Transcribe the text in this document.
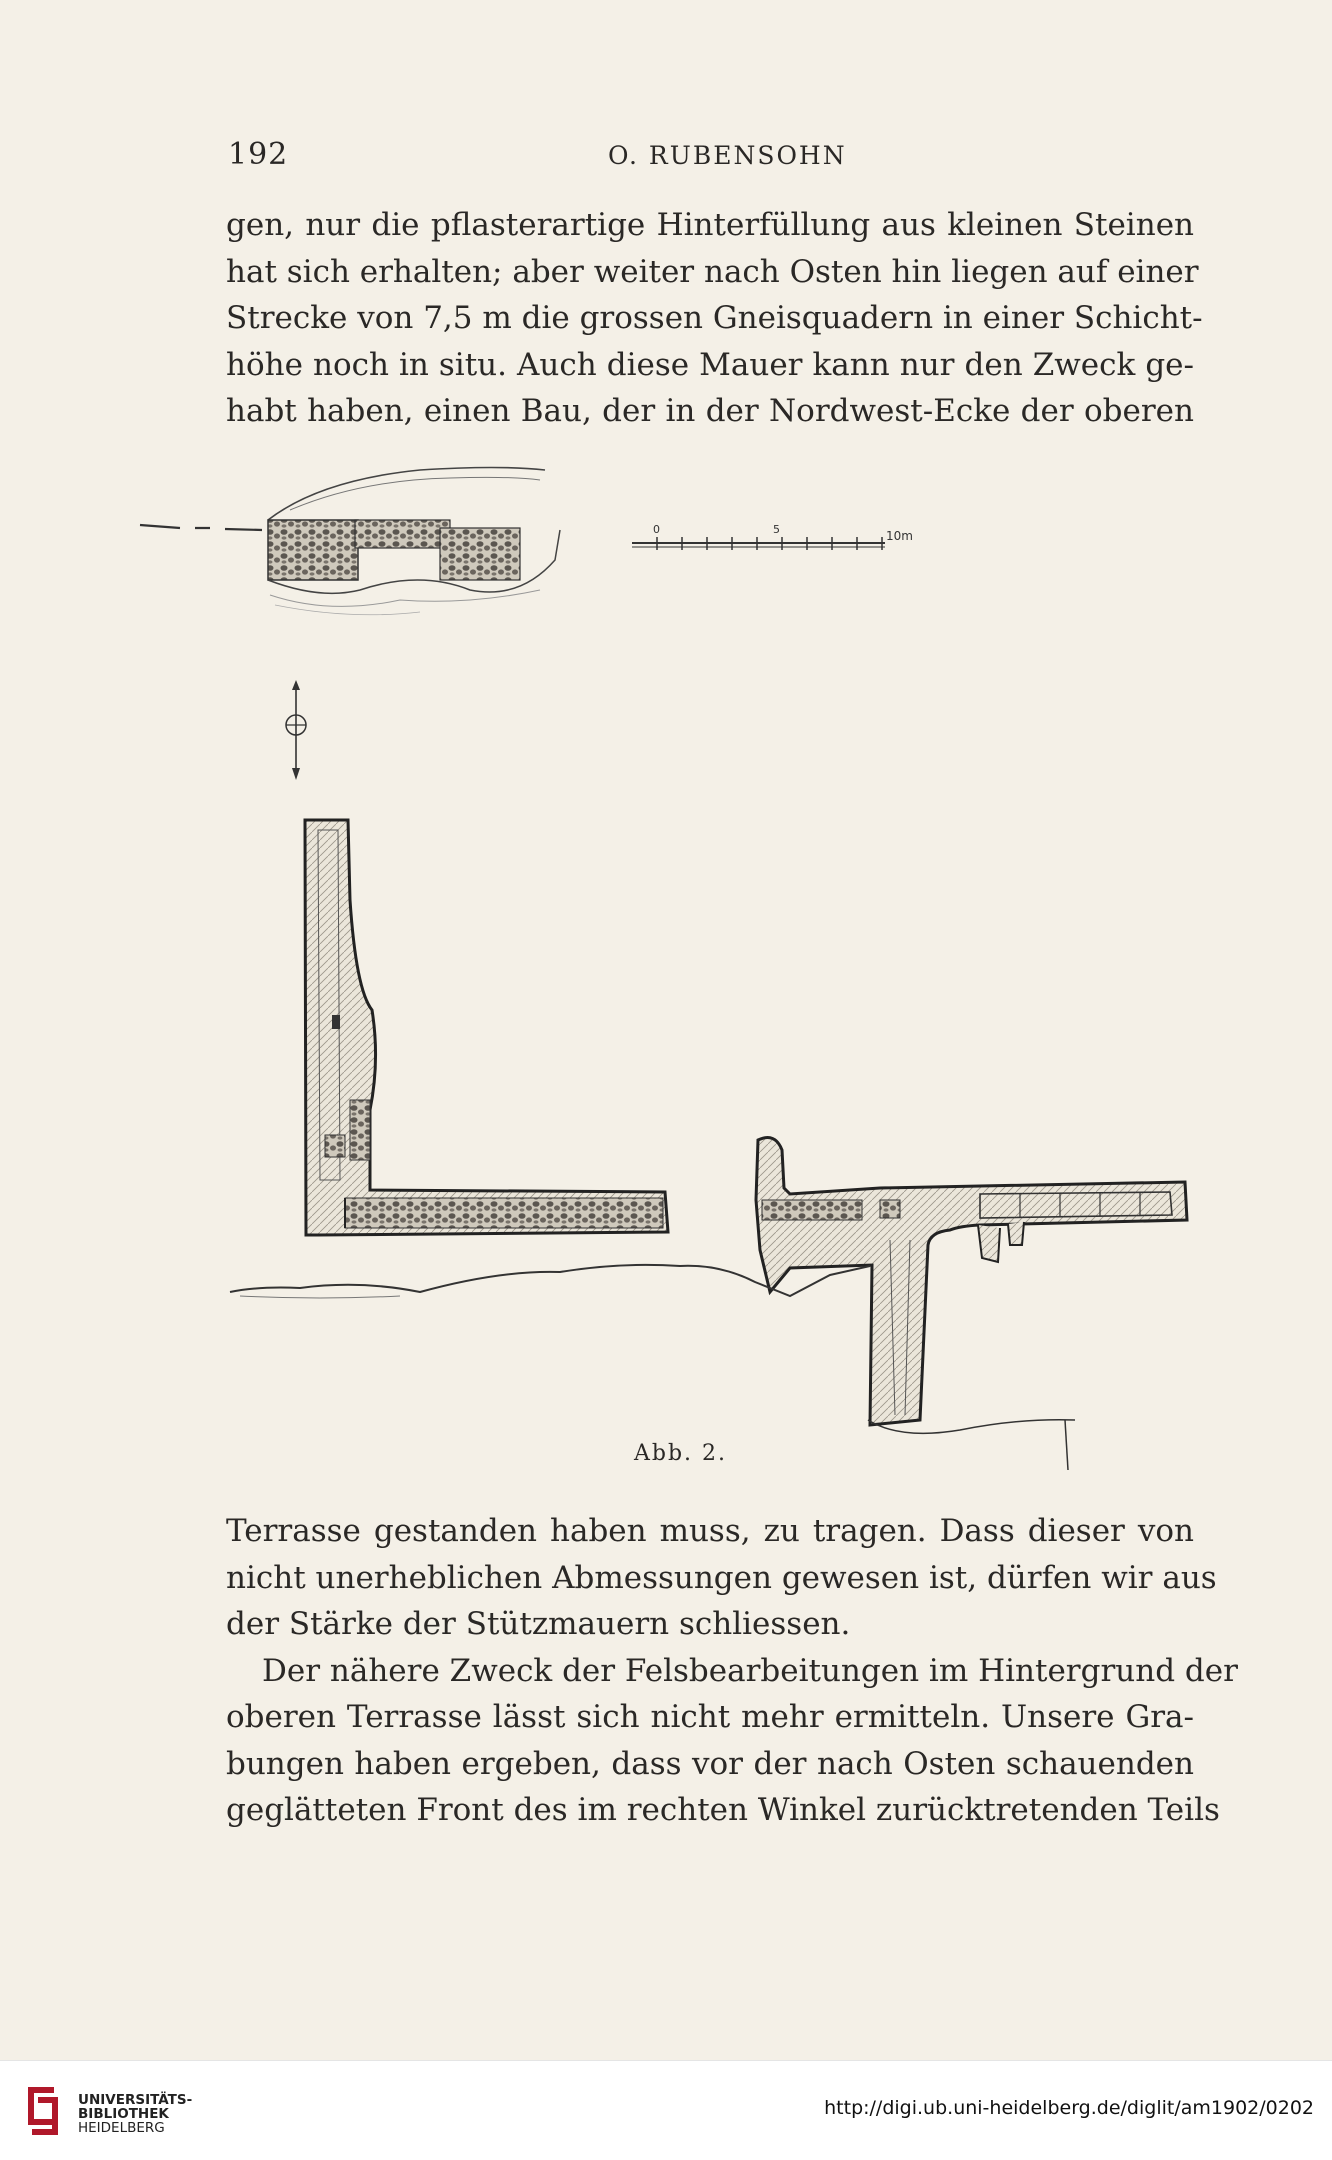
192	O. RUBENSOHN
gen, nur die pflasterartige Hinterfüllung aus kleinen Steinen
hat sich erhalten; aber weiter nach Osten hin liegen auf einer
Strecke von 7,5 m die grossen Gneisquadern in einer Schicht-
höhe noch in situ. Auch diese Mauer kann nur den Zweck ge-
habt haben, einen Bau, der in der Nordwest-Ecke der oberen
0	5	10m
Abb. 2.
Terrasse gestanden haben muss, zu tragen. Dass dieser von
nicht unerheblichen Abmessungen gewesen ist, dürfen wir aus
der Stärke der Stützmauern schliessen.
Der nähere Zweck der Felsbearbeitungen im Hintergrund der
oberen Terrasse lässt sich nicht mehr ermitteln. Unsere Gra-
bungen haben ergeben, dass vor der nach Osten schauenden
geglätteten Front des im rechten Winkel zurücktretenden Teils
UNIVERSITÄTS-
BIBLIOTHEK
HEIDELBERG
http://digi.ub.uni-heidelberg.de/diglit/am1902/0202
